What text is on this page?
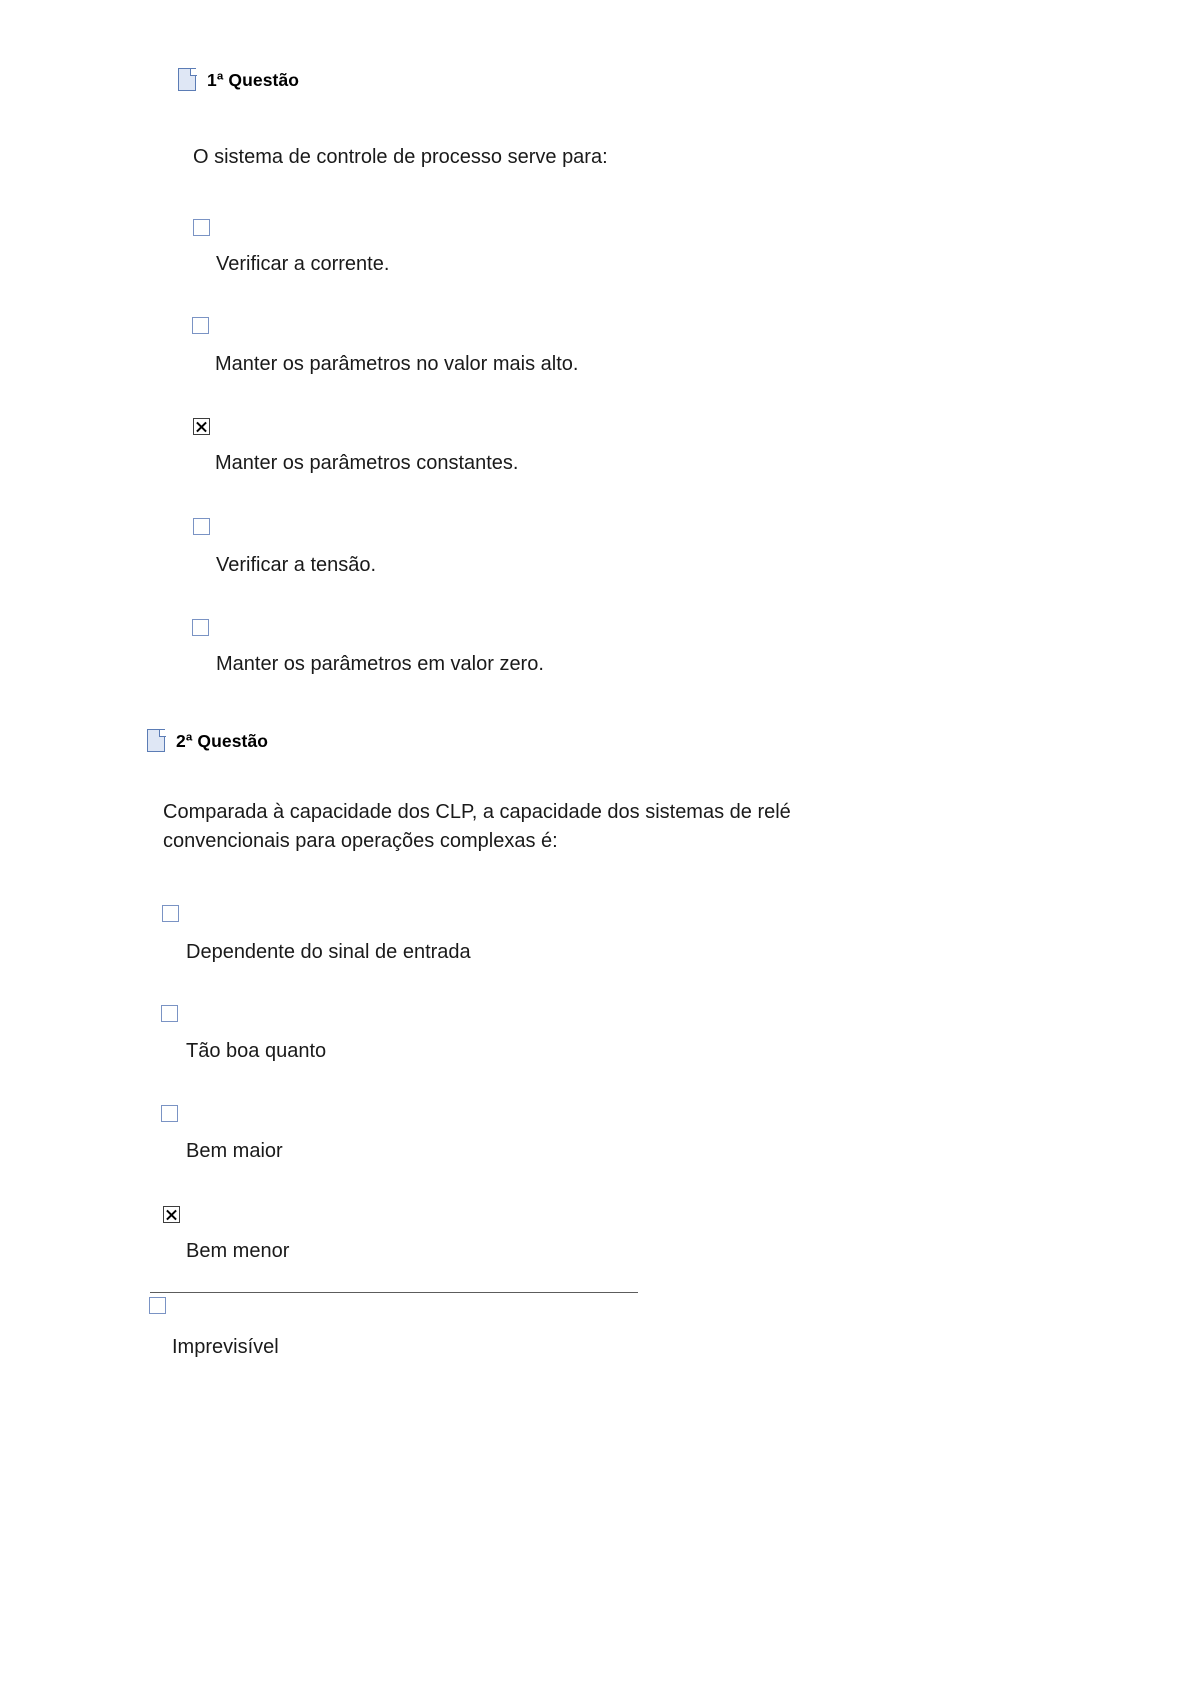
1ª Questão
O sistema de controle de processo serve para:
Verificar a corrente.
Manter os parâmetros no valor mais alto.
Manter os parâmetros constantes.
Verificar a tensão.
Manter os parâmetros em valor zero.
2ª Questão
Comparada à capacidade dos CLP, a capacidade dos sistemas de relé
convencionais para operações complexas é:
Dependente do sinal de entrada
Tão boa quanto
Bem maior
Bem menor
Imprevisível
